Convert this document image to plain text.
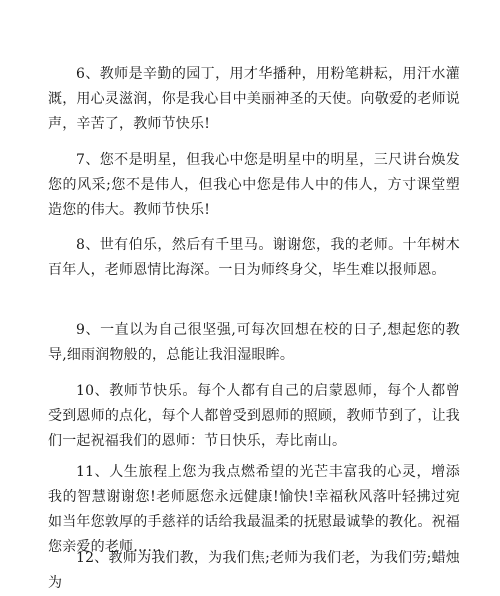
6、教师是辛勤的园丁，用才华播种，用粉笔耕耘，用汗水灌溉，用心灵滋润，你是我心目中美丽神圣的天使。向敬爱的老师说声，辛苦了，教师节快乐!

7、您不是明星，但我心中您是明星中的明星，三尺讲台焕发您的风采;您不是伟人，但我心中您是伟人中的伟人，方寸课堂塑造您的伟大。教师节快乐!

8、世有伯乐，然后有千里马。谢谢您，我的老师。十年树木百年人，老师恩情比海深。一日为师终身父，毕生难以报师恩。

9、一直以为自己很坚强,可每次回想在校的日子,想起您的教导,细雨润物般的，总能让我泪湿眼眸。

10、教师节快乐。每个人都有自己的启蒙恩师，每个人都曾受到恩师的点化，每个人都曾受到恩师的照顾，教师节到了，让我们一起祝福我们的恩师：节日快乐，寿比南山。

11、人生旅程上您为我点燃希望的光芒丰富我的心灵，增添我的智慧谢谢您!老师愿您永远健康!愉快!幸福秋风落叶轻拂过宛如当年您敦厚的手慈祥的话给我最温柔的抚慰最诚挚的教化。祝福您亲爱的老师……

12、教师为我们教，为我们焦;老师为我们老，为我们劳;蜡烛为
